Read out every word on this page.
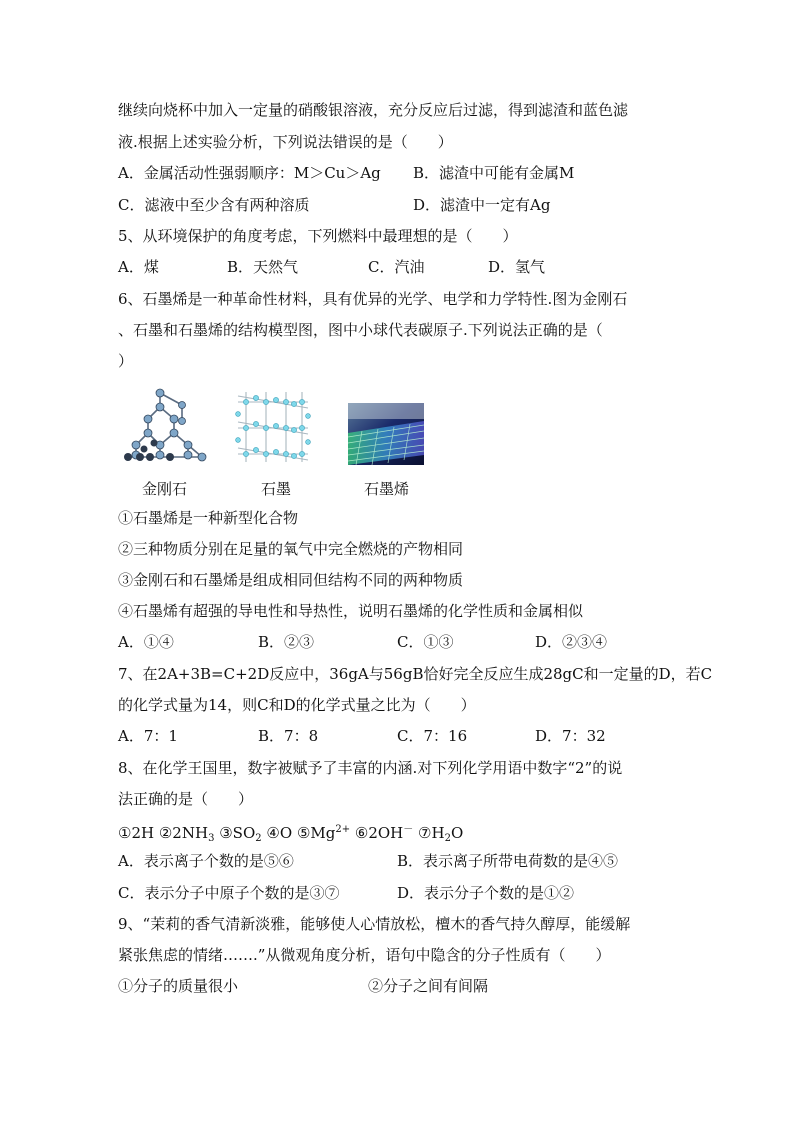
继续向烧杯中加入一定量的硝酸银溶液，充分反应后过滤，得到滤渣和蓝色滤
液.根据上述实验分析，下列说法错误的是（　　）
A．金属活动性强弱顺序：M＞Cu＞Ag B．滤渣中可能有金属M
C．滤液中至少含有两种溶质	D．滤渣中一定有Ag
5、从环境保护的角度考虑，下列燃料中最理想的是（　　）
A．煤	B．天然气	C．汽油	D．氢气
6、石墨烯是一种革命性材料，具有优异的光学、电学和力学特性.图为金刚石
、石墨和石墨烯的结构模型图，图中小球代表碳原子.下列说法正确的是（
）
金刚石	石墨	石墨烯
①石墨烯是一种新型化合物
②三种物质分别在足量的氧气中完全燃烧的产物相同
③金刚石和石墨烯是组成相同但结构不同的两种物质
④石墨烯有超强的导电性和导热性，说明石墨烯的化学性质和金属相似
A．①④	B．②③	C．①③	D．②③④
7、在2A+3B=C+2D反应中，36gA与56gB恰好完全反应生成28gC和一定量的D，若C
的化学式量为14，则C和D的化学式量之比为（　　）
A．7：1	B．7：8	C．7：16	D．7：32
8、在化学王国里，数字被赋予了丰富的内涵.对下列化学用语中数字“2”的说
法正确的是（　　）
①2H $②2NH_3$ $③SO_2$ ④O $⑤Mg^{2+}$ ⑥2OH－ $⑦H_2O$
A．表示离子个数的是⑤⑥	B．表示离子所带电荷数的是④⑤
C．表示分子中原子个数的是③⑦	D．表示分子个数的是①②
9、“茉莉的香气清新淡雅，能够使人心情放松，檀木的香气持久醇厚，能缓解
紧张焦虑的情绪…….”从微观角度分析，语句中隐含的分子性质有（　　）
①分子的质量很小	②分子之间有间隔
